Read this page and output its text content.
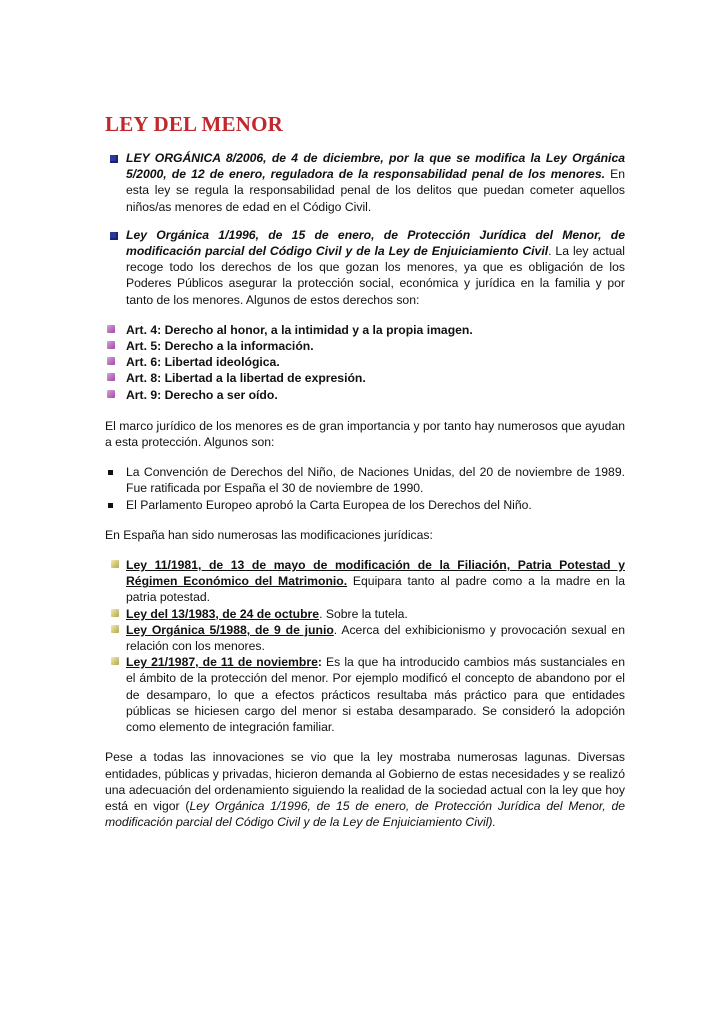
LEY DEL MENOR
LEY ORGÁNICA 8/2006, de 4 de diciembre, por la que se modifica la Ley Orgánica 5/2000, de 12 de enero, reguladora de la responsabilidad penal de los menores. En esta ley se regula la responsabilidad penal de los delitos que puedan cometer aquellos niños/as menores de edad en el Código Civil.
Ley Orgánica 1/1996, de 15 de enero, de Protección Jurídica del Menor, de modificación parcial del Código Civil y de la Ley de Enjuiciamiento Civil. La ley actual recoge todo los derechos de los que gozan los menores, ya que es obligación de los Poderes Públicos asegurar la protección social, económica y jurídica en la familia y por tanto de los menores. Algunos de estos derechos son:
Art. 4: Derecho al honor, a la intimidad y a la propia imagen.
Art. 5: Derecho a la información.
Art. 6: Libertad ideológica.
Art. 8: Libertad a la libertad de expresión.
Art. 9: Derecho a ser oído.

El marco jurídico de los menores es de gran importancia y por tanto hay numerosos que ayudan a esta protección. Algunos son:

La Convención de Derechos del Niño, de Naciones Unidas, del 20 de noviembre de 1989. Fue ratificada por España el 30 de noviembre de 1990.
El Parlamento Europeo aprobó la Carta Europea de los Derechos del Niño.

En España han sido numerosas las modificaciones jurídicas:

Ley 11/1981, de 13 de mayo de modificación de la Filiación, Patria Potestad y Régimen Económico del Matrimonio. Equipara tanto al padre como a la madre en la patria potestad.
Ley del 13/1983, de 24 de octubre. Sobre la tutela.
Ley Orgánica 5/1988, de 9 de junio. Acerca del exhibicionismo y provocación sexual en relación con los menores.
Ley 21/1987, de 11 de noviembre: Es la que ha introducido cambios más sustanciales en el ámbito de la protección del menor. Por ejemplo modificó el concepto de abandono por el de desamparo, lo que a efectos prácticos resultaba más práctico para que entidades públicas se hiciesen cargo del menor si estaba desamparado. Se consideró la adopción como elemento de integración familiar.

Pese a todas las innovaciones se vio que la ley mostraba numerosas lagunas. Diversas entidades, públicas y privadas, hicieron demanda al Gobierno de estas necesidades y se realizó una adecuación del ordenamiento siguiendo la realidad de la sociedad actual con la ley que hoy está en vigor (Ley Orgánica 1/1996, de 15 de enero, de Protección Jurídica del Menor, de modificación parcial del Código Civil y de la Ley de Enjuiciamiento Civil).
